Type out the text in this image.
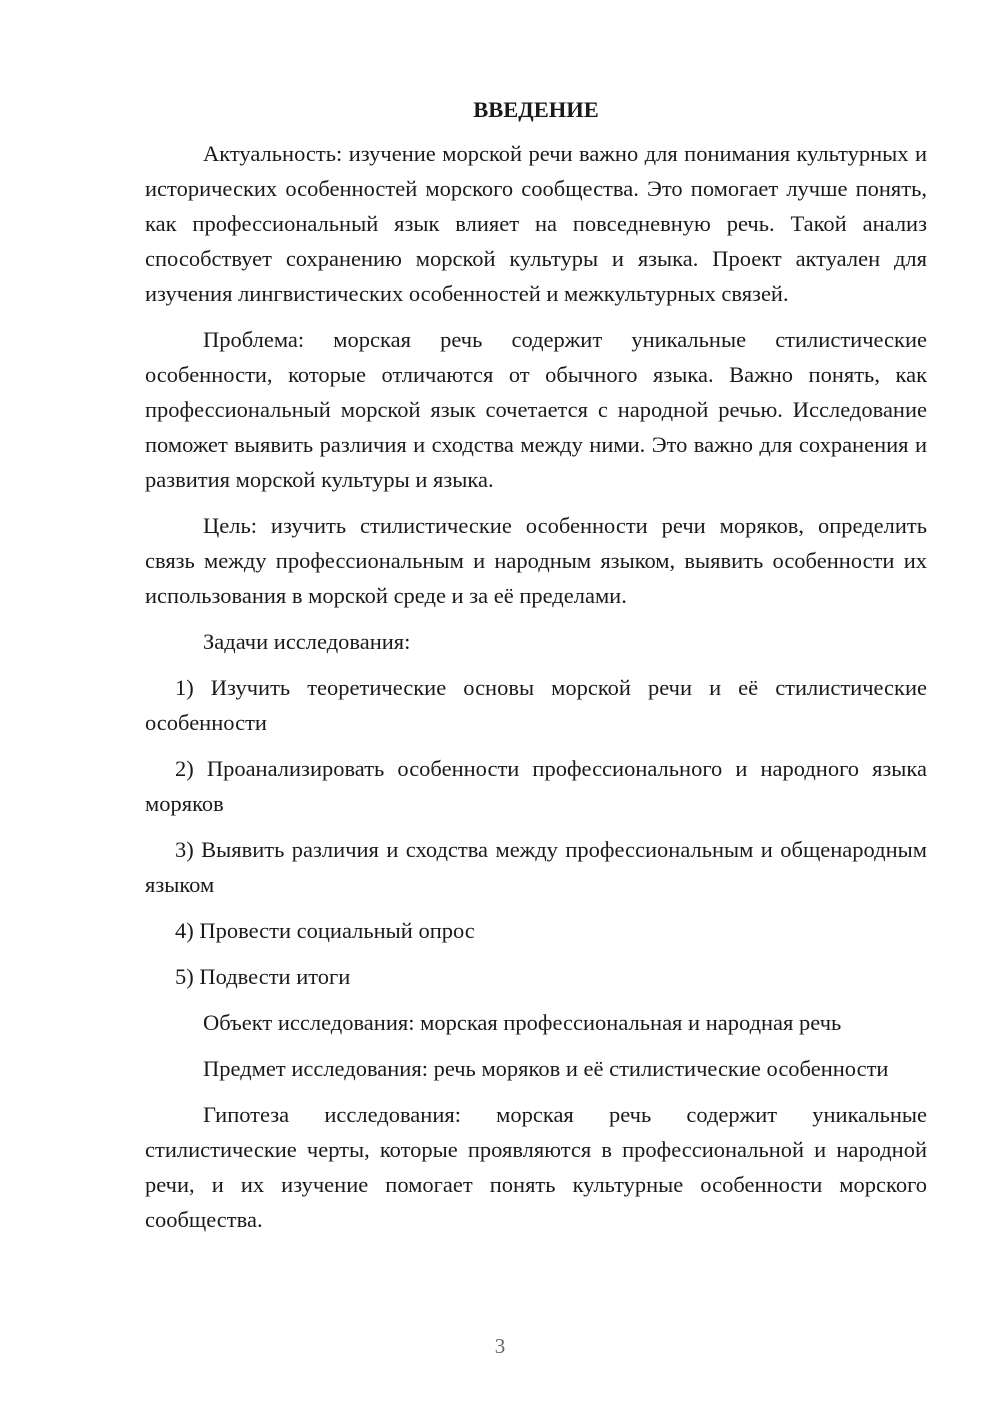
ВВЕДЕНИЕ

Актуальность: изучение морской речи важно для понимания культурных и исторических особенностей морского сообщества. Это помогает лучше понять, как профессиональный язык влияет на повседневную речь. Такой анализ способствует сохранению морской культуры и языка. Проект актуален для изучения лингвистических особенностей и межкультурных связей.

Проблема: морская речь содержит уникальные стилистические особенности, которые отличаются от обычного языка. Важно понять, как профессиональный морской язык сочетается с народной речью. Исследование поможет выявить различия и сходства между ними. Это важно для сохранения и развития морской культуры и языка.

Цель: изучить стилистические особенности речи моряков, определить связь между профессиональным и народным языком, выявить особенности их использования в морской среде и за её пределами.

Задачи исследования:

1) Изучить теоретические основы морской речи и её стилистические особенности

2) Проанализировать особенности профессионального и народного языка моряков

3) Выявить различия и сходства между профессиональным и общенародным языком

4) Провести социальный опрос

5) Подвести итоги

Объект исследования: морская профессиональная и народная речь

Предмет исследования: речь моряков и её стилистические особенности

Гипотеза исследования: морская речь содержит уникальные стилистические черты, которые проявляются в профессиональной и народной речи, и их изучение помогает понять культурные особенности морского сообщества.

3
